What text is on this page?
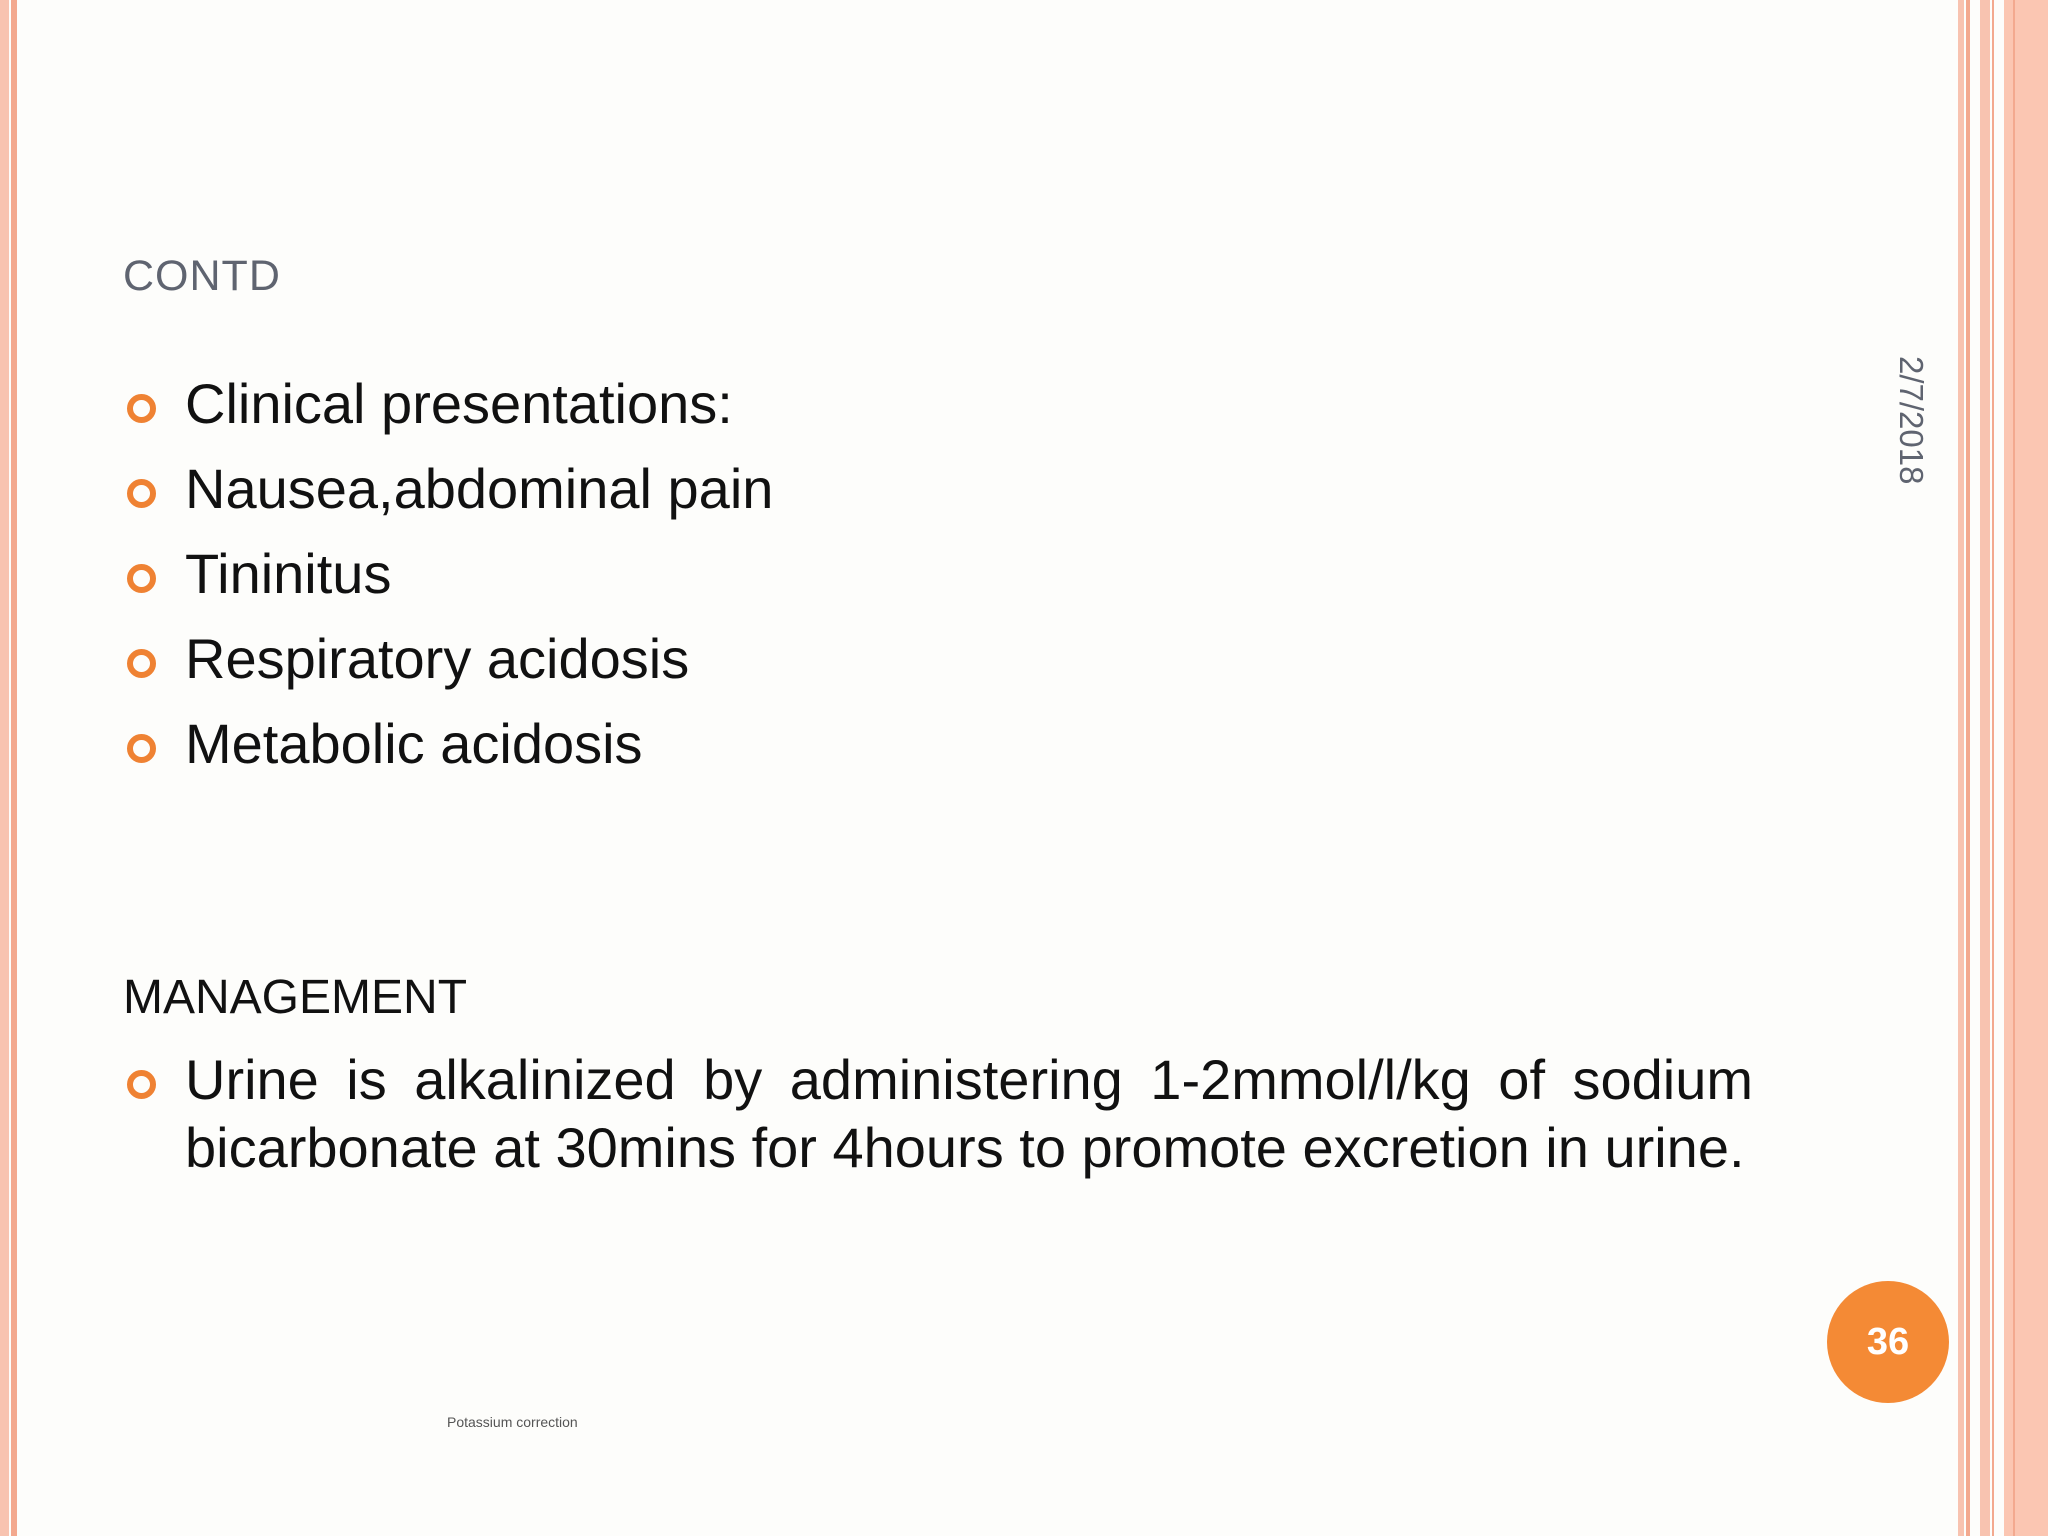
CONTD
2/7/2018
Clinical presentations:
Nausea,abdominal pain
Tininitus
Respiratory acidosis
Metabolic acidosis
MANAGEMENT
Urine is alkalinized by administering 1-2mmol/l/kg of sodium bicarbonate at 30mins for 4hours to promote excretion in urine.
36
Potassium correction
